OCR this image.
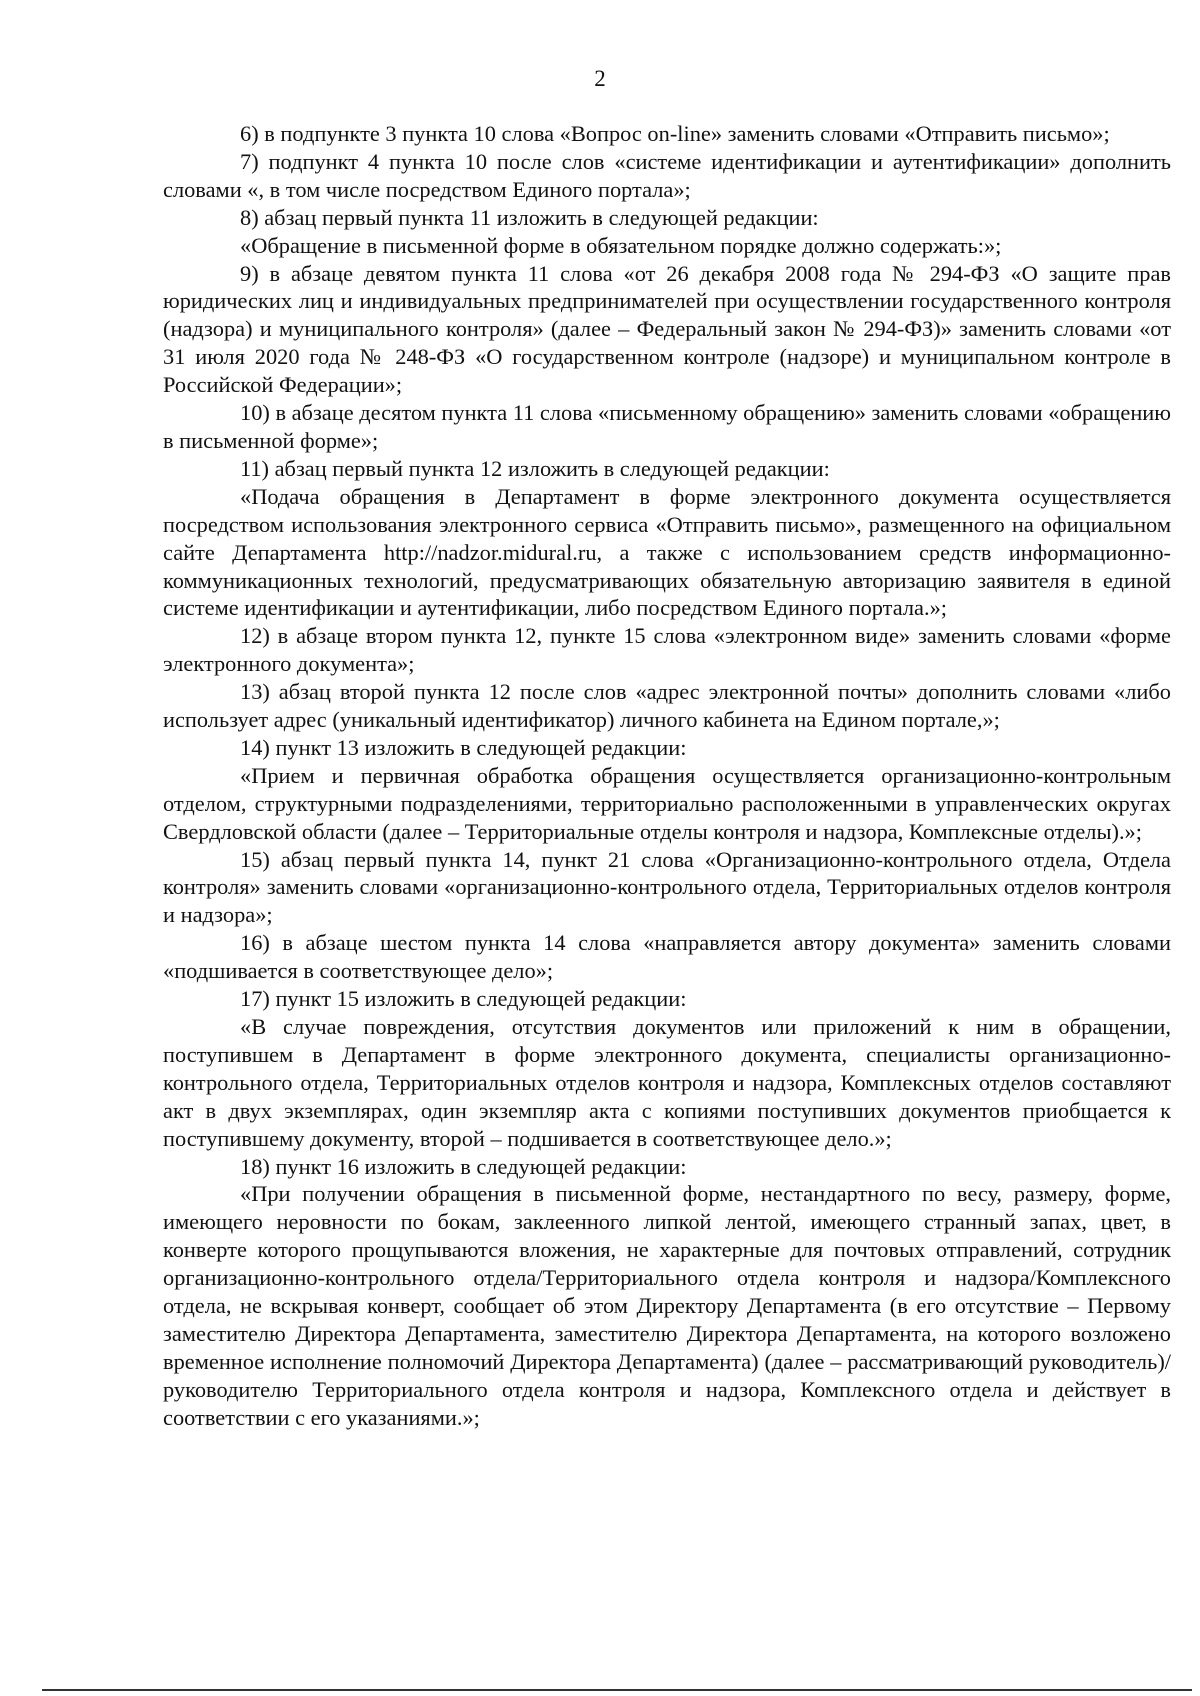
2

6) в подпункте 3 пункта 10 слова «Вопрос on-line» заменить словами «Отправить письмо»;

7) подпункт 4 пункта 10 после слов «системе идентификации и аутентификации» дополнить словами «, в том числе посредством Единого портала»;

8) абзац первый пункта 11 изложить в следующей редакции:

«Обращение в письменной форме в обязательном порядке должно содержать:»;

9) в абзаце девятом пункта 11 слова «от 26 декабря 2008 года № 294-ФЗ «О защите прав юридических лиц и индивидуальных предпринимателей при осуществлении государственного контроля (надзора) и муниципального контроля» (далее – Федеральный закон № 294-ФЗ)» заменить словами «от 31 июля 2020 года № 248-ФЗ «О государственном контроле (надзоре) и муниципальном контроле в Российской Федерации»;

10) в абзаце десятом пункта 11 слова «письменному обращению» заменить словами «обращению в письменной форме»;

11) абзац первый пункта 12 изложить в следующей редакции:

«Подача обращения в Департамент в форме электронного документа осуществляется посредством использования электронного сервиса «Отправить письмо», размещенного на официальном сайте Департамента http://nadzor.midural.ru, а также с использованием средств информационно-коммуникационных технологий, предусматривающих обязательную авторизацию заявителя в единой системе идентификации и аутентификации, либо посредством Единого портала.»;

12) в абзаце втором пункта 12, пункте 15 слова «электронном виде» заменить словами «форме электронного документа»;

13) абзац второй пункта 12 после слов «адрес электронной почты» дополнить словами «либо использует адрес (уникальный идентификатор) личного кабинета на Едином портале,»;

14) пункт 13 изложить в следующей редакции:

«Прием и первичная обработка обращения осуществляется организационно-контрольным отделом, структурными подразделениями, территориально расположенными в управленческих округах Свердловской области (далее – Территориальные отделы контроля и надзора, Комплексные отделы).»;

15) абзац первый пункта 14, пункт 21 слова «Организационно-контрольного отдела, Отдела контроля» заменить словами «организационно-контрольного отдела, Территориальных отделов контроля и надзора»;

16) в абзаце шестом пункта 14 слова «направляется автору документа» заменить словами «подшивается в соответствующее дело»;

17) пункт 15 изложить в следующей редакции:

«В случае повреждения, отсутствия документов или приложений к ним в обращении, поступившем в Департамент в форме электронного документа, специалисты организационно-контрольного отдела, Территориальных отделов контроля и надзора, Комплексных отделов составляют акт в двух экземплярах, один экземпляр акта с копиями поступивших документов приобщается к поступившему документу, второй – подшивается в соответствующее дело.»;

18) пункт 16 изложить в следующей редакции:

«При получении обращения в письменной форме, нестандартного по весу, размеру, форме, имеющего неровности по бокам, заклеенного липкой лентой, имеющего странный запах, цвет, в конверте которого прощупываются вложения, не характерные для почтовых отправлений, сотрудник организационно-контрольного отдела/Территориального отдела контроля и надзора/Комплексного отдела, не вскрывая конверт, сообщает об этом Директору Департамента (в его отсутствие – Первому заместителю Директора Департамента, заместителю Директора Департамента, на которого возложено временное исполнение полномочий Директора Департамента) (далее – рассматривающий руководитель)/руководителю Территориального отдела контроля и надзора, Комплексного отдела и действует в соответствии с его указаниями.»;
